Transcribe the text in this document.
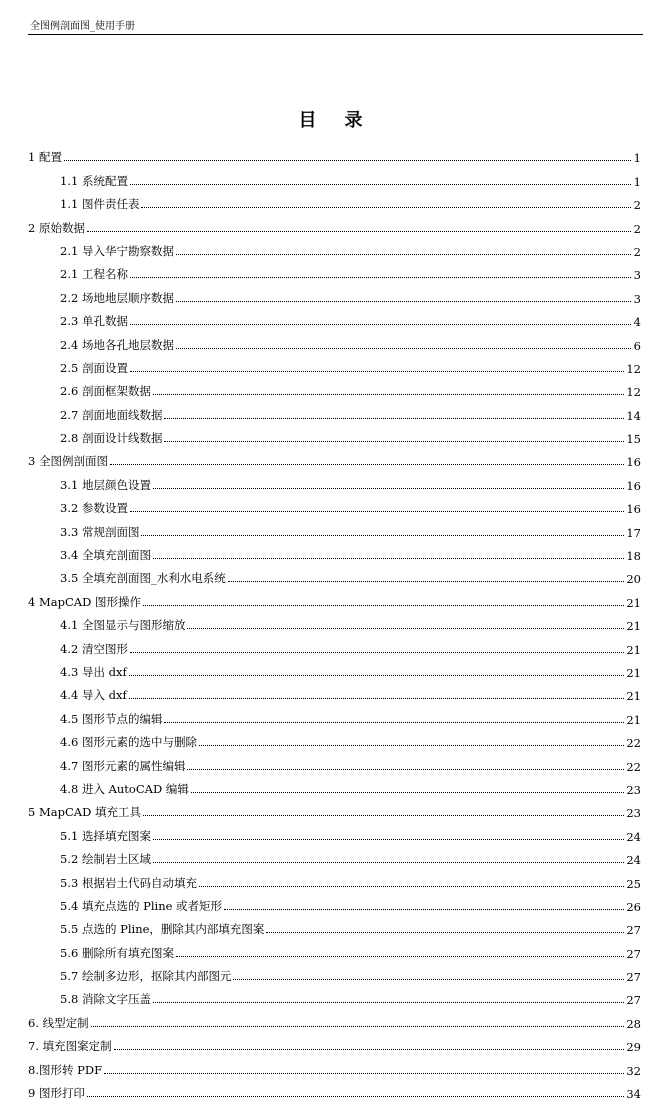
全图例剖面图_使用手册
目录
1 配置	1
1.1 系统配置	1
1.1 图件责任表	2
2 原始数据	2
2.1 导入华宁勘察数据	2
2.1 工程名称	3
2.2 场地地层顺序数据	3
2.3 单孔数据	4
2.4 场地各孔地层数据	6
2.5 剖面设置	12
2.6 剖面框架数据	12
2.7 剖面地面线数据	14
2.8 剖面设计线数据	15
3 全图例剖面图	16
3.1 地层颜色设置	16
3.2 参数设置	16
3.3 常规剖面图	17
3.4 全填充剖面图	18
3.5 全填充剖面图_水利水电系统	20
4 MapCAD 图形操作	21
4.1 全图显示与图形缩放	21
4.2 清空图形	21
4.3 导出 dxf	21
4.4 导入 dxf	21
4.5 图形节点的编辑	21
4.6 图形元素的选中与删除	22
4.7 图形元素的属性编辑	22
4.8 进入 AutoCAD 编辑	23
5 MapCAD 填充工具	23
5.1 选择填充图案	24
5.2 绘制岩土区域	24
5.3 根据岩土代码自动填充	25
5.4 填充点选的 Pline 或者矩形	26
5.5 点选的 Pline，删除其内部填充图案	27
5.6 删除所有填充图案	27
5.7 绘制多边形，抠除其内部图元	27
5.8 消除文字压盖	27
6. 线型定制	28
7. 填充图案定制	29
8.图形转 PDF	32
9 图形打印	34
